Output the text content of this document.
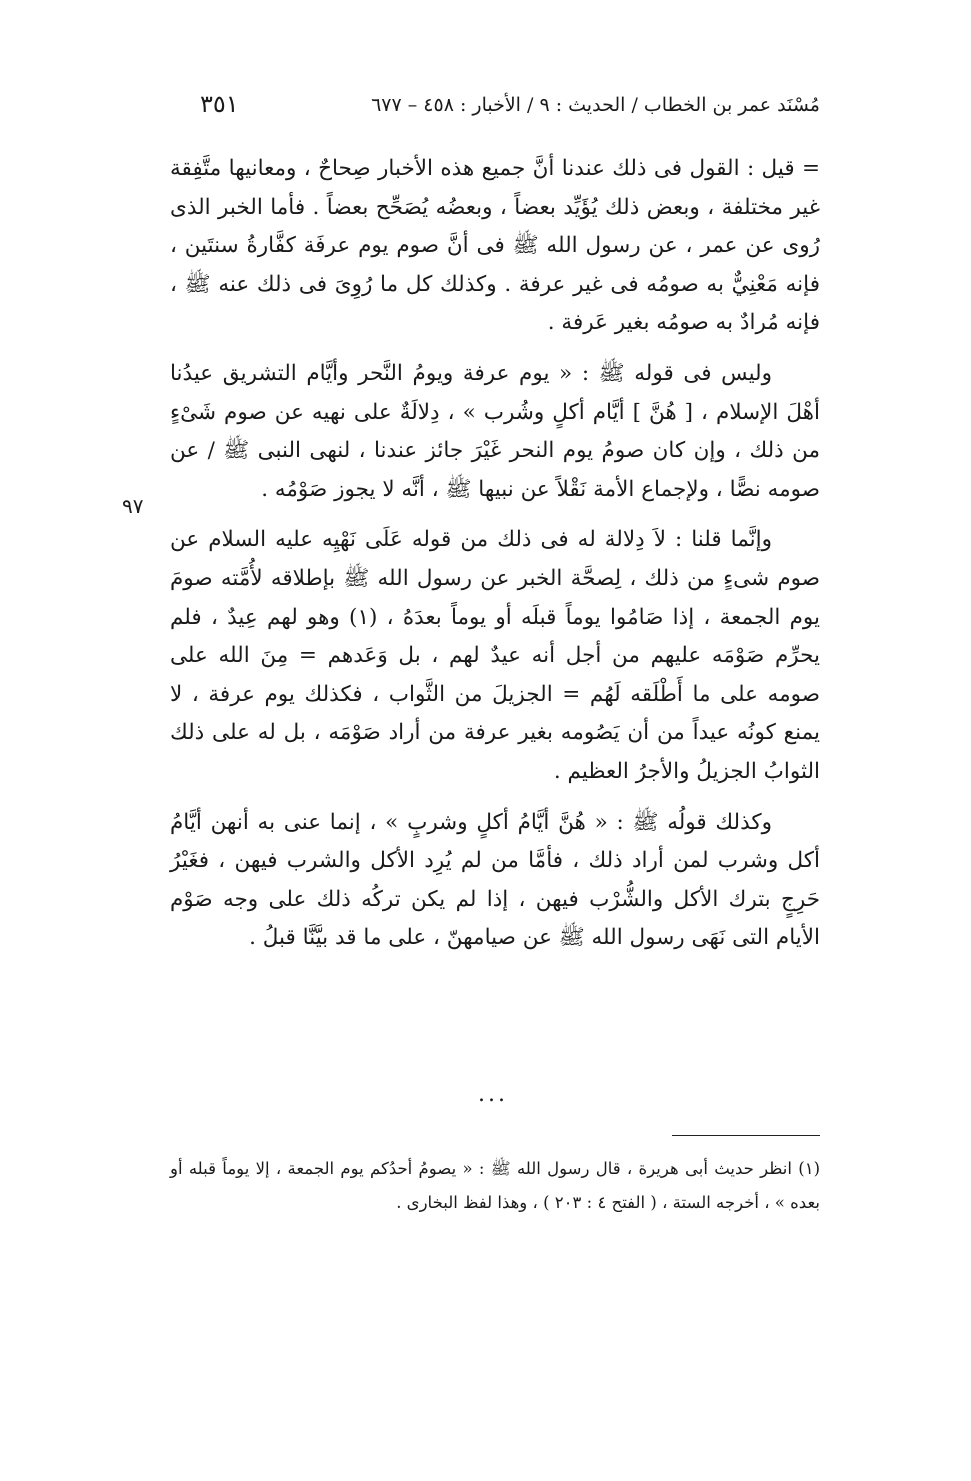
مُسْنَد عمر بن الخطاب / الحديث : ٩ / الأخبار : ٤٥٨ – ٦٧٧
٣٥١

= قيل : القول فى ذلك عندنا أنَّ جميع هذه الأخبار صِحاحٌ ، ومعانيها متَّفِقة غير مختلفة ، وبعض ذلك يُؤَيِّد بعضاً ، وبعضُه يُصَحِّح بعضاً . فأما الخبر الذى رُوى عن عمر ، عن رسول الله ﷺ فى أنَّ صوم يوم عرفَة كفَّارةُ سنتَين ، فإنه مَعْنِيٌّ به صومُه فى غير عرفة . وكذلك كل ما رُوِىَ فى ذلك عنه ﷺ ، فإنه مُرادٌ به صومُه بغير عَرفة .

وليس فى قوله ﷺ : « يوم عرفة ويومُ النَّحر وأيَّام التشريق عيدُنا أهْلَ الإسلام ، [ هُنَّ ] أيَّام أكلٍ وشُرب » ، دِلالَةٌ على نهيه عن صوم شَىْءٍ من ذلك ، وإن كان صومُ يوم النحر غَيْرَ جائز عندنا ، لنهى النبى ﷺ / عن صومه نصًّا ، ولإجماع الأمة نَقْلاً عن نبيها ﷺ ، أنَّه لا يجوز صَوْمُه .

وإنَّما قلنا : لاَ دِلالة له فى ذلك من قوله عَلَى نَهْيِه عليه السلام عن صوم شىءٍ من ذلك ، لِصحَّة الخبر عن رسول الله ﷺ بإطلاقه لأُمَّته صومَ يوم الجمعة ، إذا صَامُوا يوماً قبلَه أو يوماً بعدَهُ ، (١) وهو لهم عِيدٌ ، فلم يحرِّم صَوْمَه عليهم من أجل أنه عيدٌ لهم ، بل وَعَدهم = مِنَ الله على صومه على ما أَطْلَقه لَهُم = الجزيلَ من الثَّواب ، فكذلك يوم عرفة ، لا يمنع كونُه عيداً من أن يَصُومه بغير عرفة من أراد صَوْمَه ، بل له على ذلك الثوابُ الجزيلُ والأجرُ العظيم .

وكذلك قولُه ﷺ : « هُنَّ أيَّامُ أكلٍ وشربٍ » ، إنما عنى به أنهن أيَّامُ أكل وشرب لمن أراد ذلك ، فأمَّا من لم يُرِد الأكل والشرب فيهن ، فغَيْرُ حَرِجٍ بترك الأكل والشُّرْب فيهن ، إذا لم يكن تركُه ذلك على وجه صَوْم الأيام التى نَهَى رسول الله ﷺ عن صيامهنّ ، على ما قد بيَّنَّا قبلُ .

٩٧
...

(١) انظر حديث أبى هريرة ، قال رسول الله ﷺ : « يصومُ أحدُكم يوم الجمعة ، إلا يوماً قبله أو بعده » ، أخرجه الستة ، ( الفتح ٤ : ٢٠٣ ) ، وهذا لفظ البخارى .
